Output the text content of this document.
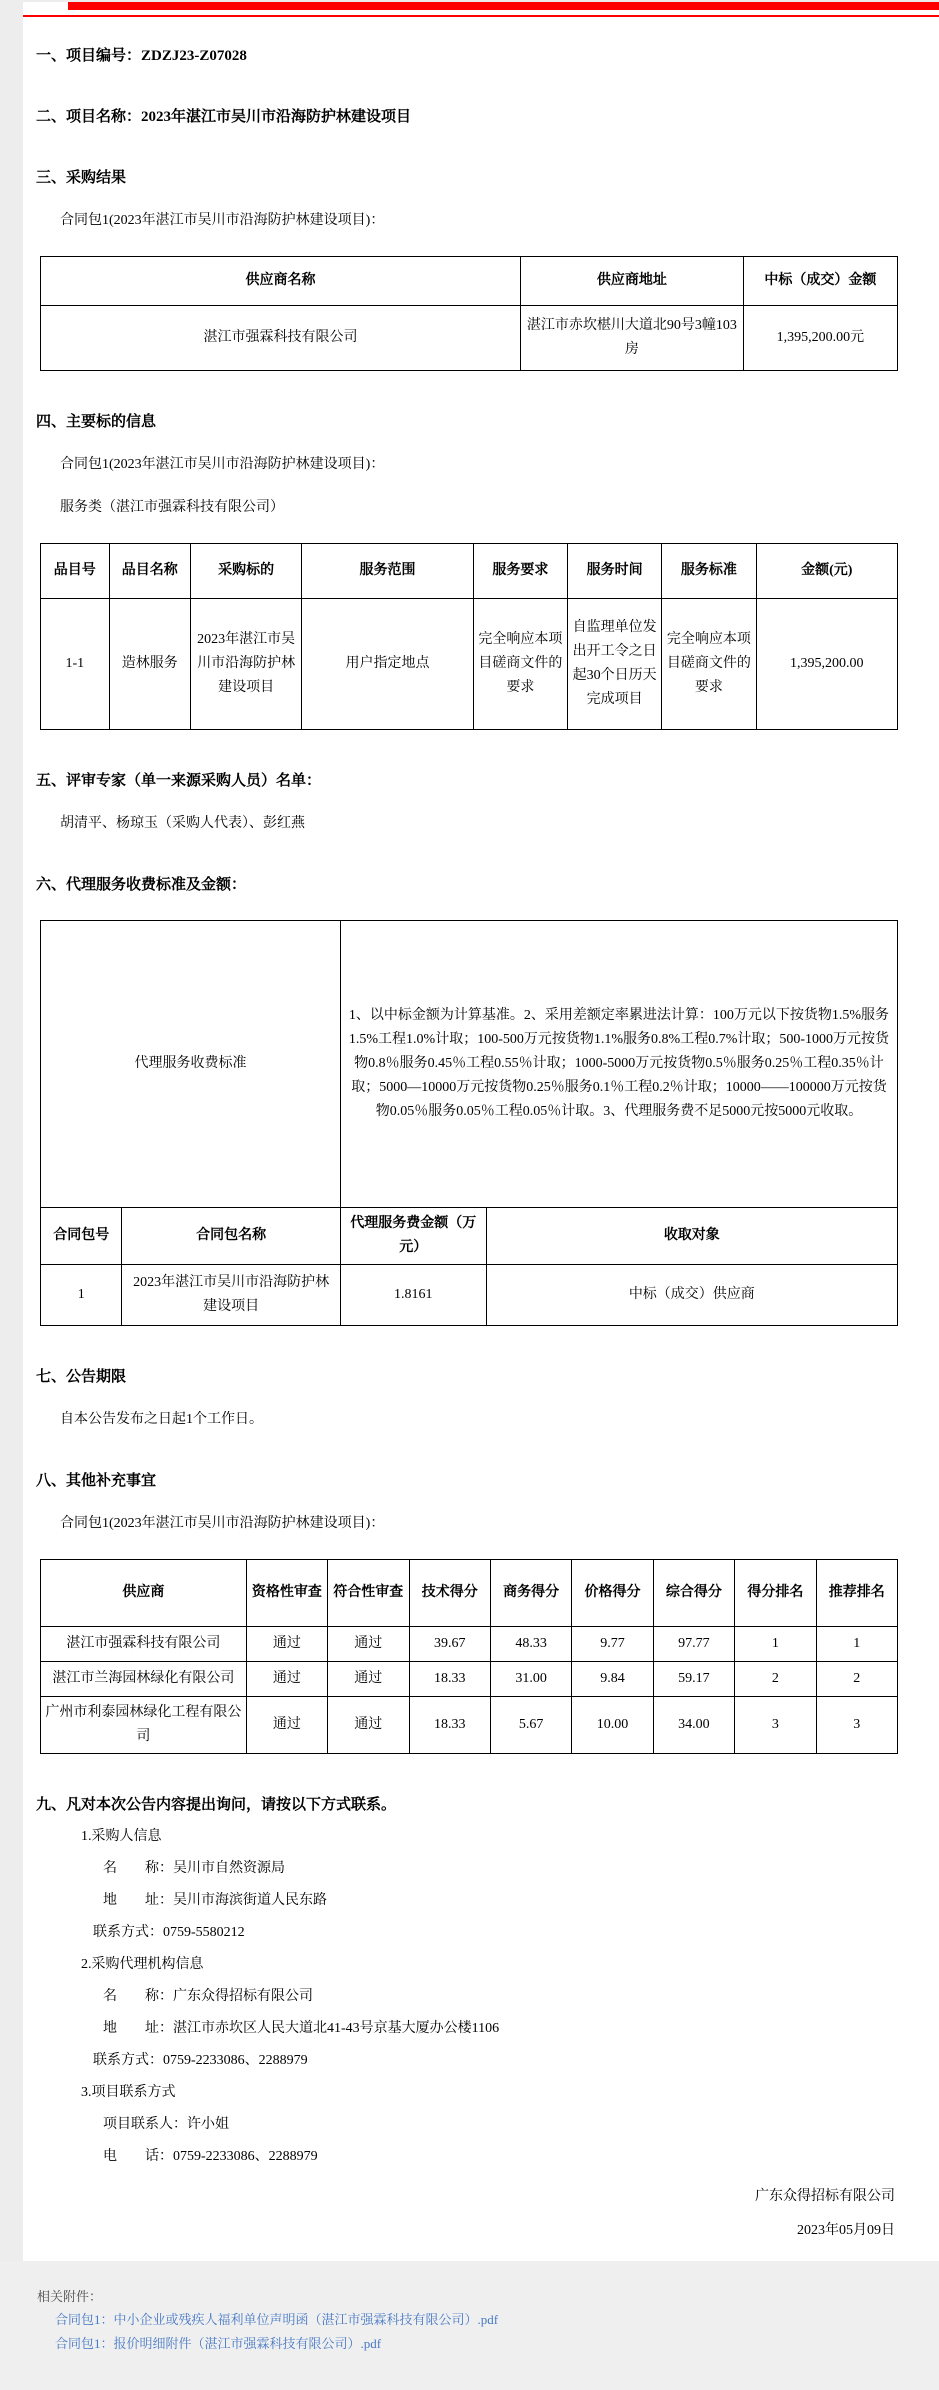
一、项目编号：ZDZJ23-Z07028
二、项目名称：2023年湛江市吴川市沿海防护林建设项目
三、采购结果
合同包1(2023年湛江市吴川市沿海防护林建设项目)：
供应商名称	供应商地址	中标（成交）金额
湛江市强霖科技有限公司	湛江市赤坎椹川大道北90号3幢103房	1,395,200.00元
四、主要标的信息
合同包1(2023年湛江市吴川市沿海防护林建设项目)：
服务类（湛江市强霖科技有限公司）
品目号	品目名称	采购标的	服务范围	服务要求	服务时间	服务标准	金额(元)
1-1	造林服务	2023年湛江市吴川市沿海防护林建设项目	用户指定地点	完全响应本项目磋商文件的要求	自监理单位发出开工令之日起30个日历天完成项目	完全响应本项目磋商文件的要求	1,395,200.00
五、评审专家（单一来源采购人员）名单：
胡清平、杨琼玉（采购人代表）、彭红燕
六、代理服务收费标准及金额：
代理服务收费标准		1、以中标金额为计算基准。2、采用差额定率累进法计算：100万元以下按货物1.5%服务1.5%工程1.0%计取；100-500万元按货物1.1%服务0.8%工程0.7%计取；500-1000万元按货物0.8％服务0.45％工程0.55％计取；1000-5000万元按货物0.5％服务0.25％工程0.35％计取；5000—10000万元按货物0.25％服务0.1％工程0.2％计取；10000——100000万元按货物0.05％服务0.05％工程0.05％计取。3、代理服务费不足5000元按5000元收取。	
合同包号	合同包名称	代理服务费金额（万元）	收取对象
1	2023年湛江市吴川市沿海防护林建设项目	1.8161	中标（成交）供应商
七、公告期限
自本公告发布之日起1个工作日。
八、其他补充事宜
合同包1(2023年湛江市吴川市沿海防护林建设项目)：
供应商	资格性审查	符合性审查	技术得分	商务得分	价格得分	综合得分	得分排名	推荐排名
湛江市强霖科技有限公司	通过	通过	39.67	48.33	9.77	97.77	1	1
湛江市兰海园林绿化有限公司	通过	通过	18.33	31.00	9.84	59.17	2	2
广州市利泰园林绿化工程有限公司	通过	通过	18.33	5.67	10.00	34.00	3	3
九、凡对本次公告内容提出询问，请按以下方式联系。
1.采购人信息
名　　称：吴川市自然资源局
地　　址：吴川市海滨街道人民东路
联系方式：0759-5580212
2.采购代理机构信息
名　　称：广东众得招标有限公司
地　　址：湛江市赤坎区人民大道北41-43号京基大厦办公楼1106
联系方式：0759-2233086、2288979
3.项目联系方式
项目联系人：许小姐
电　　话：0759-2233086、2288979
广东众得招标有限公司
2023年05月09日
相关附件：
合同包1：中小企业或残疾人福利单位声明函（湛江市强霖科技有限公司）.pdf
合同包1：报价明细附件（湛江市强霖科技有限公司）.pdf
